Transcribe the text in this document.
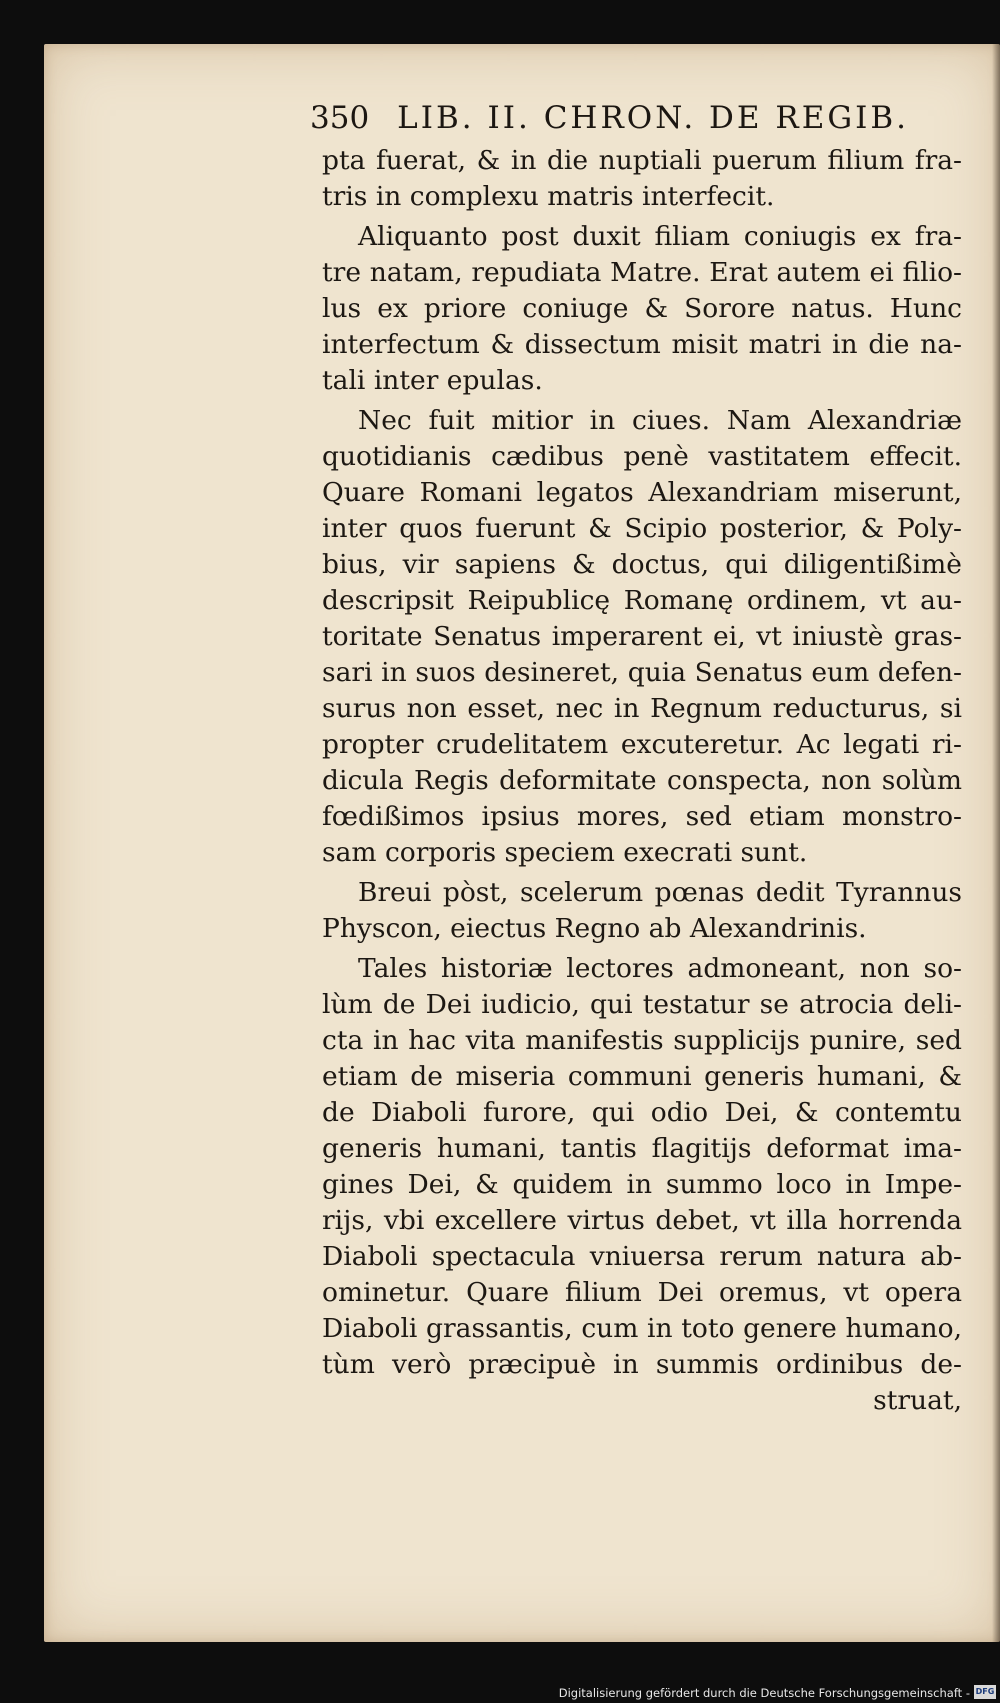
350 LIB. II. CHRON. DE REGIB.
pta fuerat, & in die nuptiali puerum filium fra-
tris in complexu matris interfecit.
Aliquanto post duxit filiam coniugis ex fra-
tre natam, repudiata Matre. Erat autem ei filio-
lus ex priore coniuge & Sorore natus. Hunc
interfectum & dissectum misit matri in die na-
tali inter epulas.
Nec fuit mitior in ciues. Nam Alexandriæ
quotidianis cædibus penè vastitatem effecit.
Quare Romani legatos Alexandriam miserunt,
inter quos fuerunt & Scipio posterior, & Poly-
bius, vir sapiens & doctus, qui diligentißimè
descripsit Reipublicę Romanę ordinem, vt au-
toritate Senatus imperarent ei, vt iniustè gras-
sari in suos desineret, quia Senatus eum defen-
surus non esset, nec in Regnum reducturus, si
propter crudelitatem excuteretur. Ac legati ri-
dicula Regis deformitate conspecta, non solùm
fœdißimos ipsius mores, sed etiam monstro-
sam corporis speciem execrati sunt.
Breui pòst, scelerum pœnas dedit Tyrannus
Physcon, eiectus Regno ab Alexandrinis.
Tales historiæ lectores admoneant, non so-
lùm de Dei iudicio, qui testatur se atrocia deli-
cta in hac vita manifestis supplicijs punire, sed
etiam de miseria communi generis humani, &
de Diaboli furore, qui odio Dei, & contemtu
generis humani, tantis flagitijs deformat ima-
gines Dei, & quidem in summo loco in Impe-
rijs, vbi excellere virtus debet, vt illa horrenda
Diaboli spectacula vniuersa rerum natura ab-
ominetur. Quare filium Dei oremus, vt opera
Diaboli grassantis, cum in toto genere humano,
tùm verò præcipuè in summis ordinibus de-
struat,
Digitalisierung gefördert durch die Deutsche Forschungsgemeinschaft - DFG
